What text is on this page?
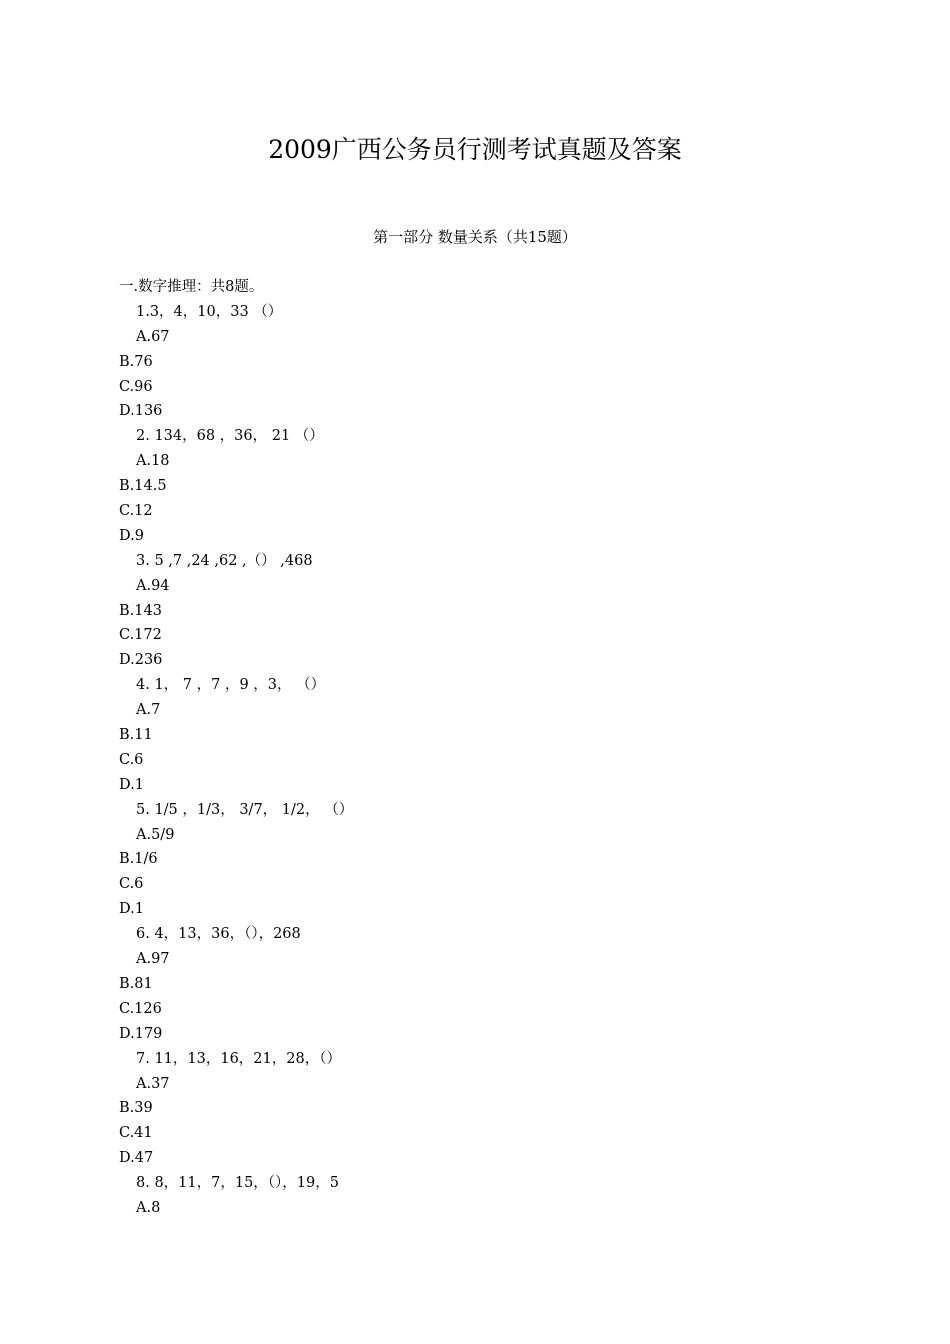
2009广西公务员行测考试真题及答案
第一部分 数量关系（共15题）
一.数字推理：共8题。
1.3，4，10，33 （）
A.67
B.76
C.96
D.136
2. 134，68 ，36， 21 （）
A.18
B.14.5
C.12
D.9
3. 5 ,7 ,24 ,62 ,（） ,468
A.94
B.143
C.172
D.236
4. 1， 7 ，7 ，9 ，3， （）
A.7
B.11
C.6
D.1
5. 1/5 ，1/3， 3/7， 1/2， （）
A.5/9
B.1/6
C.6
D.1
6. 4，13，36，（），268
A.97
B.81
C.126
D.179
7. 11，13，16，21，28，（）
A.37
B.39
C.41
D.47
8. 8，11，7，15，（），19，5
A.8
